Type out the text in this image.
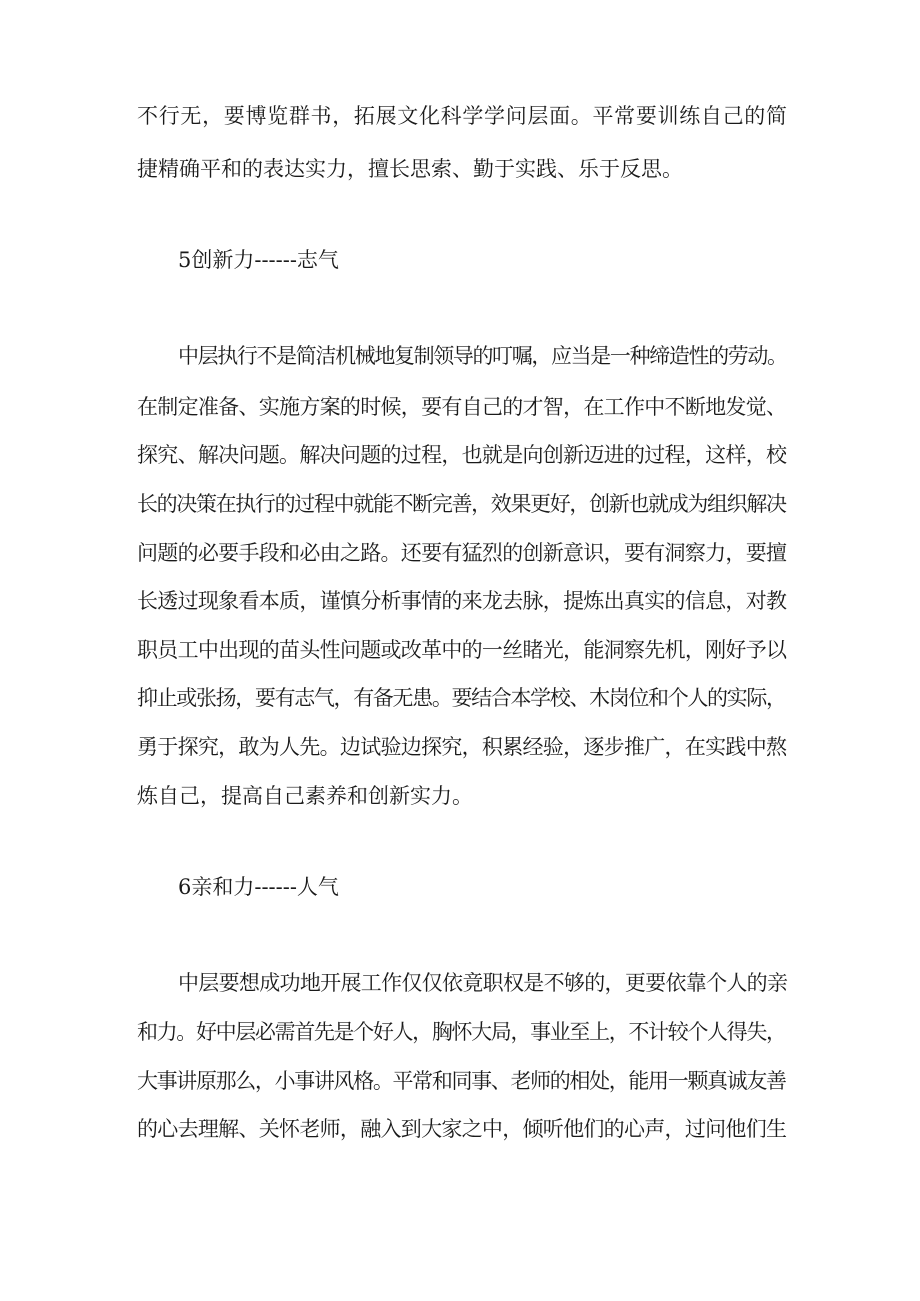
不行无，要博览群书，拓展文化科学学问层面。平常要训练自己的简
捷精确平和的表达实力，擅长思索、勤于实践、乐于反思。
5创新力------志气
中层执行不是简洁机械地复制领导的叮嘱，应当是一种缔造性的劳动。
在制定准备、实施方案的时候，要有自己的才智，在工作中不断地发觉、
探究、解决问题。解决问题的过程，也就是向创新迈进的过程，这样，校
长的决策在执行的过程中就能不断完善，效果更好，创新也就成为组织解决
问题的必要手段和必由之路。还要有猛烈的创新意识，要有洞察力，要擅
长透过现象看本质，谨慎分析事情的来龙去脉，提炼出真实的信息，对教
职员工中出现的苗头性问题或改革中的一丝睹光，能洞察先机，刚好予以
抑止或张扬，要有志气，有备无患。要结合本学校、木岗位和个人的实际，
勇于探究，敢为人先。边试验边探究，积累经验，逐步推广，在实践中熬
炼自己，提高自己素养和创新实力。
6亲和力------人气
中层要想成功地开展工作仅仅依竟职权是不够的，更要依靠个人的亲
和力。好中层必需首先是个好人，胸怀大局，事业至上，不计较个人得失，
大事讲原那么，小事讲风格。平常和同事、老师的相处，能用一颗真诚友善
的心去理解、关怀老师，融入到大家之中，倾听他们的心声，过问他们生
